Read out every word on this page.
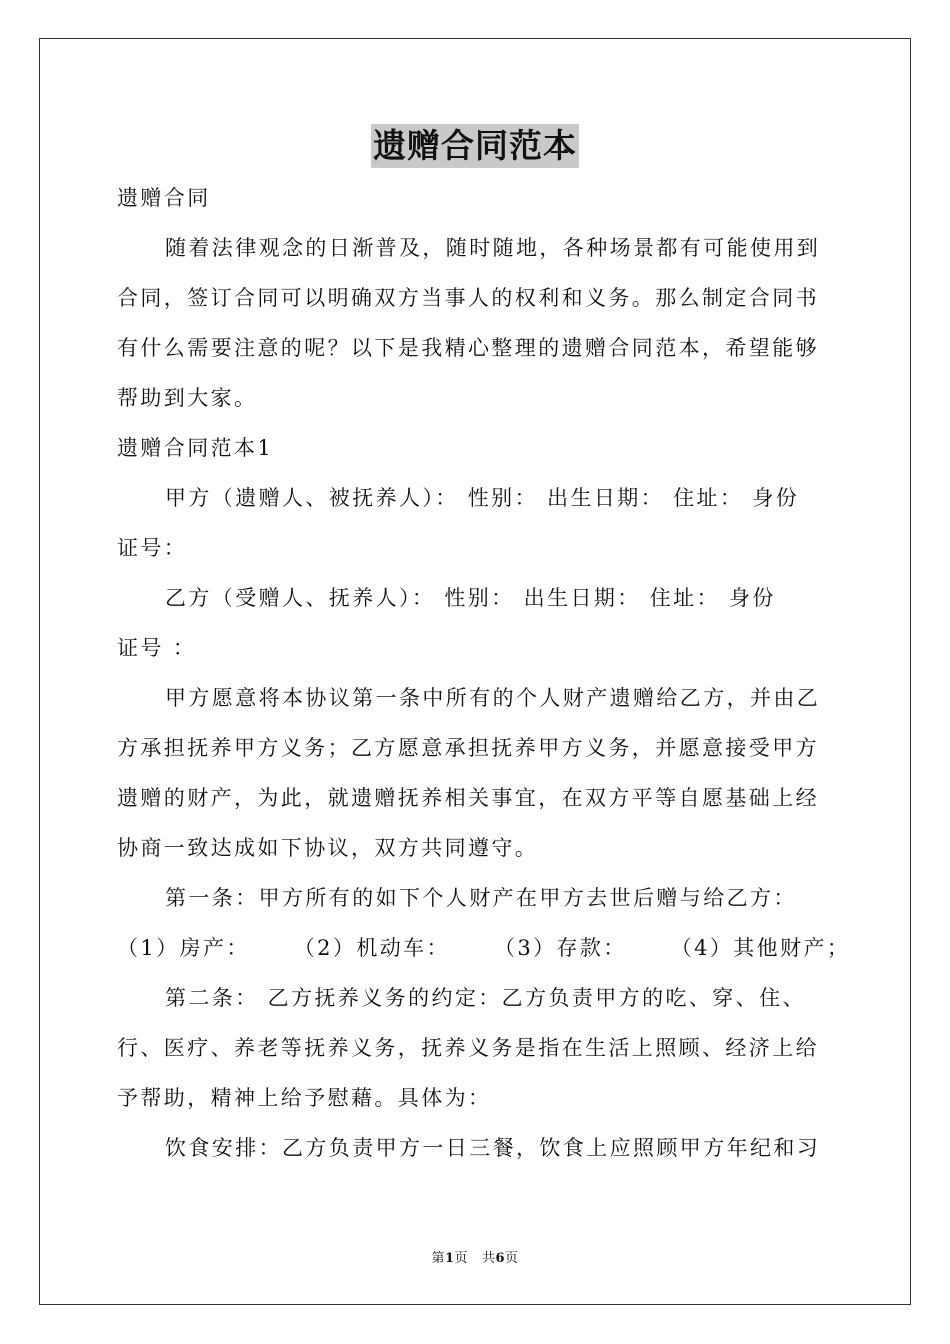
遗赠合同范本

遗赠合同

随着法律观念的日渐普及，随时随地，各种场景都有可能使用到

合同，签订合同可以明确双方当事人的权利和义务。那么制定合同书

有什么需要注意的呢？以下是我精心整理的遗赠合同范本，希望能够

帮助到大家。

遗赠合同范本1

甲方（遗赠人、被抚养人）： 性别： 出生日期： 住址： 身份

证号：

乙方（受赠人、抚养人）： 性别： 出生日期： 住址： 身份

证号 ：

甲方愿意将本协议第一条中所有的个人财产遗赠给乙方，并由乙

方承担抚养甲方义务；乙方愿意承担抚养甲方义务，并愿意接受甲方

遗赠的财产，为此，就遗赠抚养相关事宜，在双方平等自愿基础上经

协商一致达成如下协议，双方共同遵守。

第一条：甲方所有的如下个人财产在甲方去世后赠与给乙方：

（1）房产： （2）机动车： （3）存款： （4）其他财产；

第二条： 乙方抚养义务的约定：乙方负责甲方的吃、穿、住、

行、医疗、养老等抚养义务，抚养义务是指在生活上照顾、经济上给

予帮助，精神上给予慰藉。具体为：

饮食安排：乙方负责甲方一日三餐，饮食上应照顾甲方年纪和习

第1页   共6页
